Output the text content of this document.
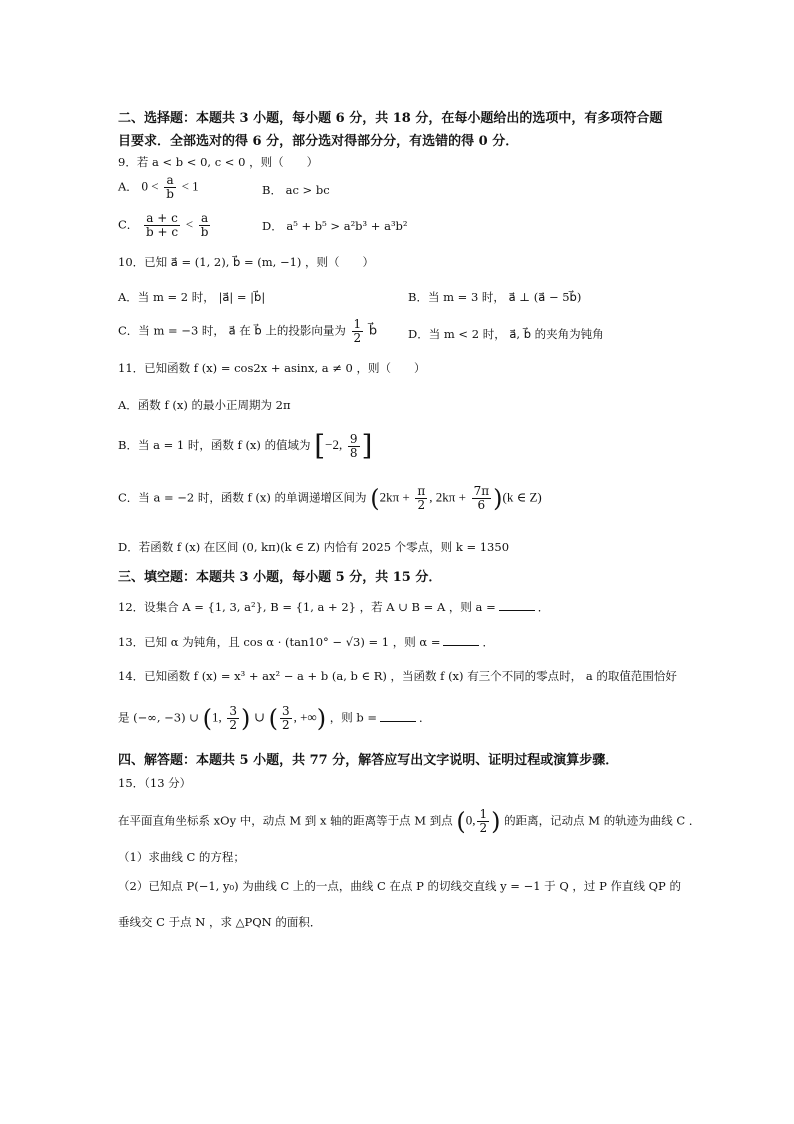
二、选择题：本题共 3 小题，每小题 6 分，共 18 分，在每小题给出的选项中，有多项符合题
目要求．全部选对的得 6 分，部分选对得部分分，有选错的得 0 分．
9．若 a < b < 0, c < 0 ，则（　　）
A． $0 < \frac{a}{b} < 1$	B． ac > bc
C． $\frac{a + c}{b + c} < \frac{a}{b}$	D． a⁵ + b⁵ > a²b³ + a³b²
10．已知 a⃗ = (1, 2), b⃗ = (m, −1) ，则（　　）
A．当 m = 2 时， |a⃗| = |b⃗|	B．当 m = 3 时， a⃗ ⊥ (a⃗ − 5b⃗)
C．当 m = −3 时， a⃗ 在 b⃗ 上的投影向量为 $\frac{1}{2}$ b⃗	D．当 m < 2 时， a⃗, b⃗ 的夹角为钝角
11．已知函数 f (x) = cos2x + asinx, a ≠ 0 ，则（　　）
A．函数 f (x) 的最小正周期为 2π
B．当 a = 1 时，函数 f (x) 的值域为 [−2, $\frac{9}{8}$ ]
C．当 a = −2 时，函数 f (x) 的单调递增区间为 ($2k\pi + \frac{\pi}{2}$ , $2k\pi + \frac{7\pi}{6} )(k$ ∈ Z)
D．若函数 f (x) 在区间 (0, kπ)(k ∈ Z) 内恰有 2025 个零点，则 k = 1350
三、填空题：本题共 3 小题，每小题 5 分，共 15 分．
12．设集合 A = {1, 3, a²}, B = {1, a + 2} ，若 A ∪ B = A ，则 a =	．
13．已知 α 为钝角，且 cos α · (tan10° − √3) = 1 ，则 α =	．
14．已知函数 f (x) = x³ + ax² − a + b (a, b ∈ R) ，当函数 f (x) 有三个不同的零点时， a 的取值范围恰好
是 (−∞, −3) ∪ (1, $\frac{3}{2}$ ) ∪ ( $\frac{3}{2}$ , +∞) ，则 b =	．
四、解答题：本题共 5 小题，共 77 分，解答应写出文字说明、证明过程或演算步骤．
15．（13 分）
在平面直角坐标系 xOy 中，动点 M 到 x 轴的距离等于点 M 到点 (0, $\frac{1}{2}$ ) 的距离，记动点 M 的轨迹为曲线 C ．
（1）求曲线 C 的方程；
（2）已知点 P(−1, y₀) 为曲线 C 上的一点，曲线 C 在点 P 的切线交直线 y = −1 于 Q ，过 P 作直线 QP 的
垂线交 C 于点 N ，求 △PQN 的面积．
